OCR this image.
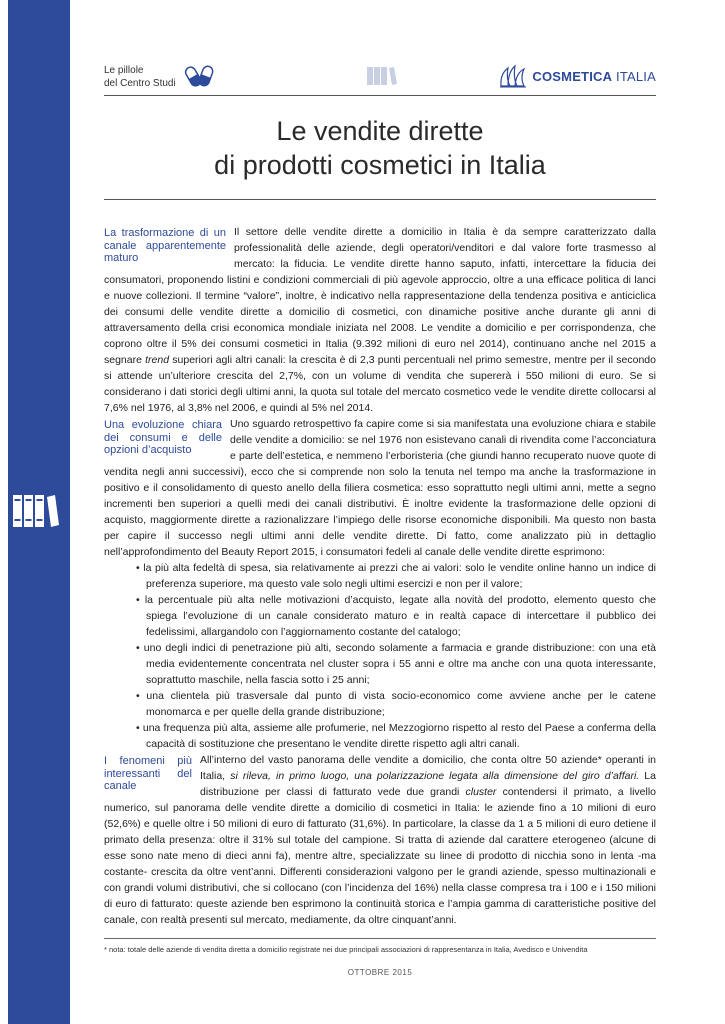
Le pillole
del Centro Studi	COSMETICA ITALIA
Le vendite dirette
di prodotti cosmetici in Italia
La trasformazione di un canale apparentemente maturo

Il settore delle vendite dirette a domicilio in Italia è da sempre caratterizzato dalla professionalità delle aziende, degli operatori/venditori e dal valore forte trasmesso al mercato: la fiducia. Le vendite dirette hanno saputo, infatti, intercettare la fiducia dei consumatori, proponendo listini e condizioni commerciali di più agevole approccio, oltre a una efficace politica di lanci e nuove collezioni. Il termine “valore”, inoltre, è indicativo nella rappresentazione della tendenza positiva e anticiclica dei consumi delle vendite dirette a domicilio di cosmetici, con dinamiche positive anche durante gli anni di attraversamento della crisi economica mondiale iniziata nel 2008. Le vendite a domicilio e per corrispondenza, che coprono oltre il 5% dei consumi cosmetici in Italia (9.392 milioni di euro nel 2014), continuano anche nel 2015 a segnare trend superiori agli altri canali: la crescita è di 2,3 punti percentuali nel primo semestre, mentre per il secondo si attende un’ulteriore crescita del 2,7%, con un volume di vendita che supererà i 550 milioni di euro. Se si considerano i dati storici degli ultimi anni, la quota sul totale del mercato cosmetico vede le vendite dirette collocarsi al 7,6% nel 1976, al 3,8% nel 2006, e quindi al 5% nel 2014.

Una evoluzione chiara dei consumi e delle opzioni d’acquisto

Uno sguardo retrospettivo fa capire come si sia manifestata una evoluzione chiara e stabile delle vendite a domicilio: se nel 1976 non esistevano canali di rivendita come l’acconciatura e parte dell’estetica, e nemmeno l’erboristeria (che giundi hanno recuperato nuove quote di vendita negli anni successivi), ecco che si comprende non solo la tenuta nel tempo ma anche la trasformazione in positivo e il consolidamento di questo anello della filiera cosmetica: esso soprattutto negli ultimi anni, mette a segno incrementi ben superiori a quelli medi dei canali distributivi. È inoltre evidente la trasformazione delle opzioni di acquisto, maggiormente dirette a razionalizzare l’impiego delle risorse economiche disponibili. Ma questo non basta per capire il successo negli ultimi anni delle vendite dirette. Di fatto, come analizzato più in dettaglio nell’approfondimento del Beauty Report 2015, i consumatori fedeli al canale delle vendite dirette esprimono:

• la più alta fedeltà di spesa, sia relativamente ai prezzi che ai valori: solo le vendite online hanno un indice di preferenza superiore, ma questo vale solo negli ultimi esercizi e non per il valore;

• la percentuale più alta nelle motivazioni d’acquisto, legate alla novità del prodotto, elemento questo che spiega l’evoluzione di un canale considerato maturo e in realtà capace di intercettare il pubblico dei fedelissimi, allargandolo con l’aggiornamento costante del catalogo;

• uno degli indici di penetrazione più alti, secondo solamente a farmacia e grande distribuzione: con una età media evidentemente concentrata nel cluster sopra i 55 anni e oltre ma anche con una quota interessante, soprattutto maschile, nella fascia sotto i 25 anni;

• una clientela più trasversale dal punto di vista socio-economico come avviene anche per le catene monomarca e per quelle della grande distribuzione;

• una frequenza più alta, assieme alle profumerie, nel Mezzogiorno rispetto al resto del Paese a conferma della capacità di sostituzione che presentano le vendite dirette rispetto agli altri canali.

I fenomeni più interessanti del canale

All’interno del vasto panorama delle vendite a domicilio, che conta oltre 50 aziende* operanti in Italia, si rileva, in primo luogo, una polarizzazione legata alla dimensione del giro d’affari. La distribuzione per classi di fatturato vede due grandi cluster contendersi il primato, a livello numerico, sul panorama delle vendite dirette a domicilio di cosmetici in Italia: le aziende fino a 10 milioni di euro (52,6%) e quelle oltre i 50 milioni di euro di fatturato (31,6%). In particolare, la classe da 1 a 5 milioni di euro detiene il primato della presenza: oltre il 31% sul totale del campione. Si tratta di aziende dal carattere eterogeneo (alcune di esse sono nate meno di dieci anni fa), mentre altre, specializzate su linee di prodotto di nicchia sono in lenta -ma costante- crescita da oltre vent’anni. Differenti considerazioni valgono per le grandi aziende, spesso multinazionali e con grandi volumi distributivi, che si collocano (con l’incidenza del 16%) nella classe compresa tra i 100 e i 150 milioni di euro di fatturato: queste aziende ben esprimono la continuità storica e l’ampia gamma di caratteristiche positive del canale, con realtà presenti sul mercato, mediamente, da oltre cinquant’anni.

* nota: totale delle aziende di vendita diretta a domicilio registrate nei due principali associazioni di rappresentanza in Italia, Avedisco e Univendita
OTTOBRE 2015
